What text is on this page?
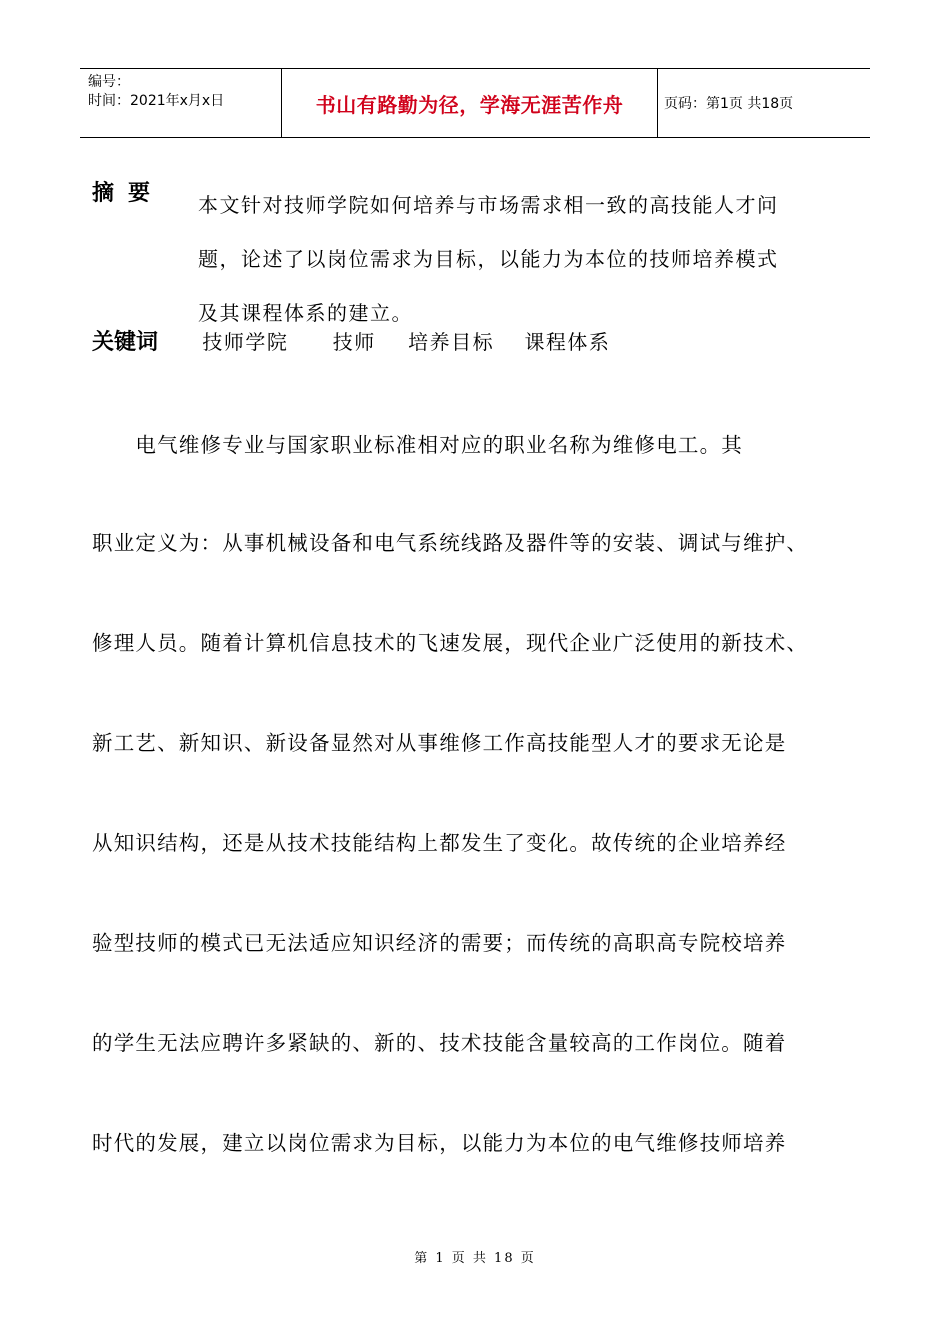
编号：
时间：2021年x月x日	书山有路勤为径，学海无涯苦作舟	页码：第1页 共18页
摘要 本文针对技师学院如何培养与市场需求相一致的高技能人才问
题，论述了以岗位需求为目标，以能力为本位的技师培养模式
及其课程体系的建立。
关键词 技师学院 技师 培养目标 课程体系
　　电气维修专业与国家职业标准相对应的职业名称为维修电工。其
职业定义为：从事机械设备和电气系统线路及器件等的安装、调试与维护、
修理人员。随着计算机信息技术的飞速发展，现代企业广泛使用的新技术、
新工艺、新知识、新设备显然对从事维修工作高技能型人才的要求无论是
从知识结构，还是从技术技能结构上都发生了变化。故传统的企业培养经
验型技师的模式已无法适应知识经济的需要；而传统的高职高专院校培养
的学生无法应聘许多紧缺的、新的、技术技能含量较高的工作岗位。随着
时代的发展，建立以岗位需求为目标，以能力为本位的电气维修技师培养
第 1 页 共 18 页
